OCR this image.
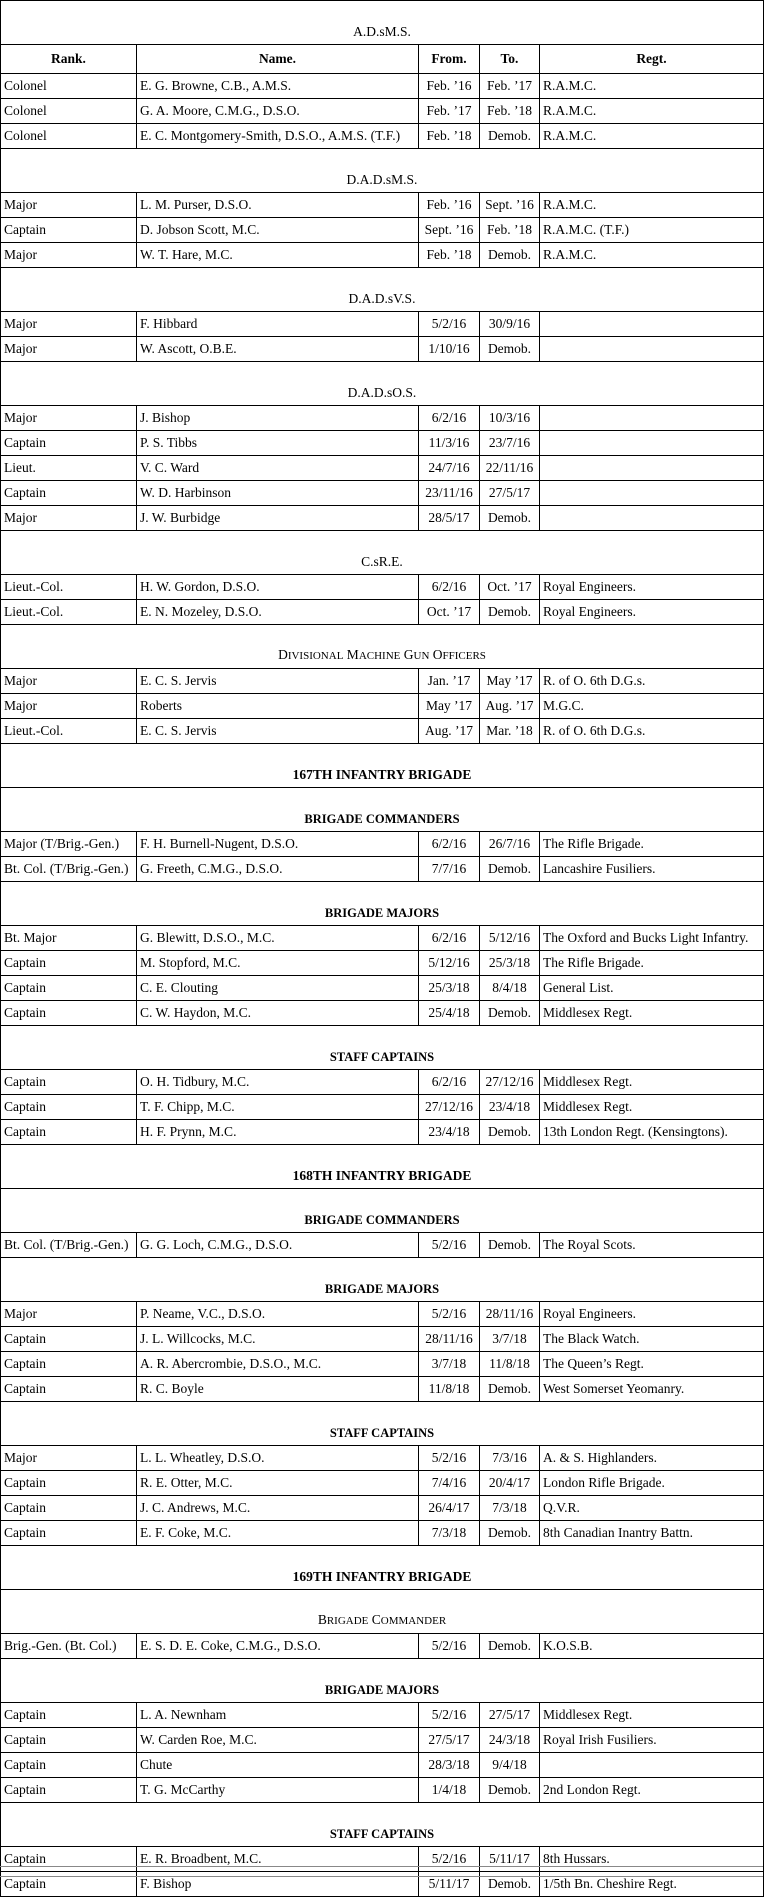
A.D.sM.S.				
Rank.	Name.	From.	To.	Regt.
Colonel	E. G. Browne, C.B., A.M.S.	Feb. ’16	Feb. ’17	R.A.M.C.
Colonel	G. A. Moore, C.M.G., D.S.O.	Feb. ’17	Feb. ’18	R.A.M.C.
Colonel	E. C. Montgomery-Smith, D.S.O., A.M.S. (T.F.)	Feb. ’18	Demob.	R.A.M.C.
D.A.D.sM.S.				
Major	L. M. Purser, D.S.O.	Feb. ’16	Sept. ’16	R.A.M.C.
Captain	D. Jobson Scott, M.C.	Sept. ’16	Feb. ’18	R.A.M.C. (T.F.)
Major	W. T. Hare, M.C.	Feb. ’18	Demob.	R.A.M.C.
D.A.D.sV.S.				
Major	F. Hibbard	5/2/16	30/9/16	
Major	W. Ascott, O.B.E.	1/10/16	Demob.	
D.A.D.sO.S.				
Major	J. Bishop	6/2/16	10/3/16	
Captain	P. S. Tibbs	11/3/16	23/7/16	
Lieut.	V. C. Ward	24/7/16	22/11/16	
Captain	W. D. Harbinson	23/11/16	27/5/17	
Major	J. W. Burbidge	28/5/17	Demob.	
C.sR.E.				
Lieut.-Col.	H. W. Gordon, D.S.O.	6/2/16	Oct. ’17	Royal Engineers.
Lieut.-Col.	E. N. Mozeley, D.S.O.	Oct. ’17	Demob.	Royal Engineers.
DIVISIONAL MACHINE GUN OFFICERS				
Major	E. C. S. Jervis	Jan. ’17	May ’17	R. of O. 6th D.G.s.
Major	Roberts	May ’17	Aug. ’17	M.G.C.
Lieut.-Col.	E. C. S. Jervis	Aug. ’17	Mar. ’18	R. of O. 6th D.G.s.
167TH INFANTRY BRIGADE				
BRIGADE COMMANDERS				
Major (T/Brig.-Gen.)	F. H. Burnell-Nugent, D.S.O.	6/2/16	26/7/16	The Rifle Brigade.
Bt. Col. (T/Brig.-Gen.)	G. Freeth, C.M.G., D.S.O.	7/7/16	Demob.	Lancashire Fusiliers.
BRIGADE MAJORS				
Bt. Major	G. Blewitt, D.S.O., M.C.	6/2/16	5/12/16	The Oxford and Bucks Light Infantry.
Captain	M. Stopford, M.C.	5/12/16	25/3/18	The Rifle Brigade.
Captain	C. E. Clouting	25/3/18	8/4/18	General List.
Captain	C. W. Haydon, M.C.	25/4/18	Demob.	Middlesex Regt.
STAFF CAPTAINS				
Captain	O. H. Tidbury, M.C.	6/2/16	27/12/16	Middlesex Regt.
Captain	T. F. Chipp, M.C.	27/12/16	23/4/18	Middlesex Regt.
Captain	H. F. Prynn, M.C.	23/4/18	Demob.	13th London Regt. (Kensingtons).
168TH INFANTRY BRIGADE				
BRIGADE COMMANDERS				
Bt. Col. (T/Brig.-Gen.)	G. G. Loch, C.M.G., D.S.O.	5/2/16	Demob.	The Royal Scots.
BRIGADE MAJORS				
Major	P. Neame, V.C., D.S.O.	5/2/16	28/11/16	Royal Engineers.
Captain	J. L. Willcocks, M.C.	28/11/16	3/7/18	The Black Watch.
Captain	A. R. Abercrombie, D.S.O., M.C.	3/7/18	11/8/18	The Queen’s Regt.
Captain	R. C. Boyle	11/8/18	Demob.	West Somerset Yeomanry.
STAFF CAPTAINS				
Major	L. L. Wheatley, D.S.O.	5/2/16	7/3/16	A. & S. Highlanders.
Captain	R. E. Otter, M.C.	7/4/16	20/4/17	London Rifle Brigade.
Captain	J. C. Andrews, M.C.	26/4/17	7/3/18	Q.V.R.
Captain	E. F. Coke, M.C.	7/3/18	Demob.	8th Canadian Inantry Battn.
169TH INFANTRY BRIGADE				
BRIGADE COMMANDER				
Brig.-Gen. (Bt. Col.)	E. S. D. E. Coke, C.M.G., D.S.O.	5/2/16	Demob.	K.O.S.B.
BRIGADE MAJORS				
Captain	L. A. Newnham	5/2/16	27/5/17	Middlesex Regt.
Captain	W. Carden Roe, M.C.	27/5/17	24/3/18	Royal Irish Fusiliers.
Captain	Chute	28/3/18	9/4/18	
Captain	T. G. McCarthy	1/4/18	Demob.	2nd London Regt.
STAFF CAPTAINS				
Captain	E. R. Broadbent, M.C.	5/2/16	5/11/17	8th Hussars.
Captain	F. Bishop	5/11/17	Demob.	1/5th Bn. Cheshire Regt.
